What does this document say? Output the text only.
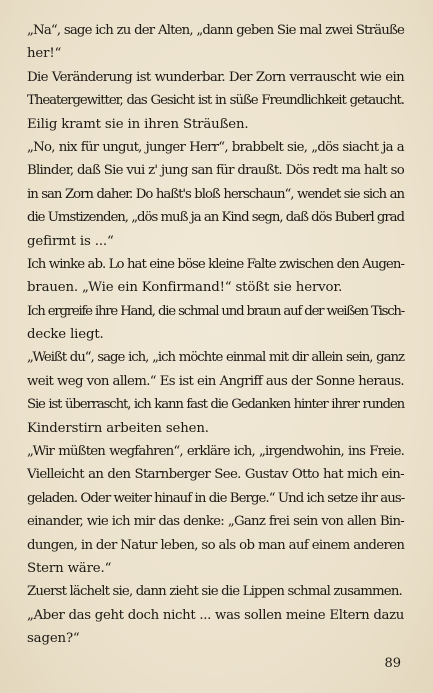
„Na“, sage ich zu der Alten, „dann geben Sie mal zwei Sträuße
her!“
Die Veränderung ist wunderbar. Der Zorn verrauscht wie ein
Theatergewitter, das Gesicht ist in süße Freundlichkeit getaucht.
Eilig kramt sie in ihren Sträußen.
„No, nix für ungut, junger Herr“, brabbelt sie, „dös siacht ja a
Blinder, daß Sie vui z' jung san für draußt. Dös redt ma halt so
in san Zorn daher. Do haßt's bloß herschaun“, wendet sie sich an
die Umstizenden, „dös muß ja an Kind segn, daß dös Buberl grad
gefirmt is ...“
Ich winke ab. Lo hat eine böse kleine Falte zwischen den Augen-
brauen. „Wie ein Konfirmand!“ stößt sie hervor.
Ich ergreife ihre Hand, die schmal und braun auf der weißen Tisch-
decke liegt.
„Weißt du“, sage ich, „ich möchte einmal mit dir allein sein, ganz
weit weg von allem.“ Es ist ein Angriff aus der Sonne heraus.
Sie ist überrascht, ich kann fast die Gedanken hinter ihrer runden
Kinderstirn arbeiten sehen.
„Wir müßten wegfahren“, erkläre ich, „irgendwohin, ins Freie.
Vielleicht an den Starnberger See. Gustav Otto hat mich ein-
geladen. Oder weiter hinauf in die Berge.“ Und ich setze ihr aus-
einander, wie ich mir das denke: „Ganz frei sein von allen Bin-
dungen, in der Natur leben, so als ob man auf einem anderen
Stern wäre.“
Zuerst lächelt sie, dann zieht sie die Lippen schmal zusammen.
„Aber das geht doch nicht ... was sollen meine Eltern dazu
sagen?“
89
